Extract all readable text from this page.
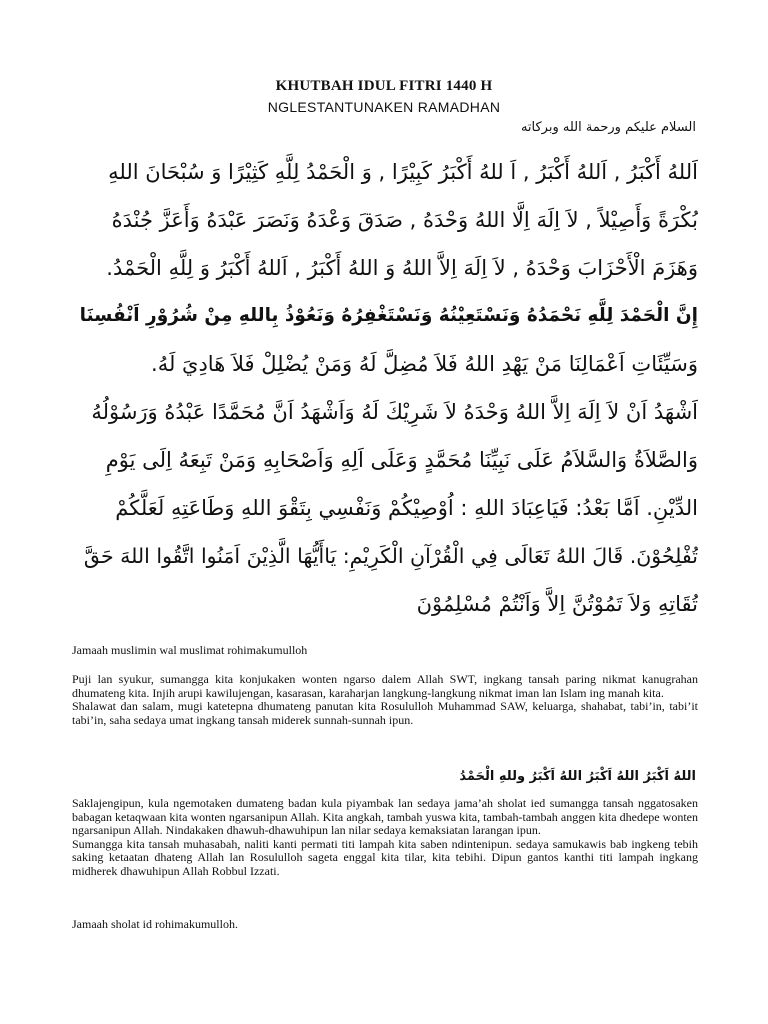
KHUTBAH IDUL FITRI 1440 H
NGLESTANTUNAKEN RAMADHAN
السلام عليكم ورحمة الله وبركاته
اَللهُ أَكْبَرُ , اَللهُ أَكْبَرُ , اَ للهُ أَكْبَرُ كَبِيْرًا , وَ الْحَمْدُ لِلَّهِ كَثِيْرًا وَ سُبْحَانَ اللهِ
بُكْرَةً وَأَصِيْلاً , لاَ اِلَهَ اِلَّا اللهُ وَحْدَهُ , صَدَقَ وَعْدَهُ وَنَصَرَ عَبْدَهُ وَأَعَزَّ جُنْدَهُ
وَهَزَمَ الْأَحْزَابَ وَحْدَهُ , لاَ اِلَهَ اِلاَّ اللهُ وَ اللهُ أَكْبَرُ , اَللهُ أَكْبَرُ وَ لِلَّهِ الْحَمْدُ.
إِنَّ الْحَمْدَ لِلَّهِ نَحْمَدُهُ وَنَسْتَعِيْنُهُ وَنَسْتَغْفِرُهُ وَنَعُوْذُ بِاللهِ مِنْ شُرُوْرِ اَنْفُسِنَا
وَسَيِّئَاتِ اَعْمَالِنَا مَنْ يَهْدِ اللهُ فَلاَ مُضِلَّ لَهُ وَمَنْ يُضْلِلْ فَلاَ هَادِيَ لَهُ.
اَشْهَدُ اَنْ لاَ اِلَهَ اِلاَّ اللهُ وَحْدَهُ لاَ شَرِيْكَ لَهُ وَاَشْهَدُ اَنَّ مُحَمَّدًا عَبْدُهُ وَرَسُوْلُهُ
وَالصَّلاَةُ وَالسَّلاَمُ عَلَى نَبِيِّنَا مُحَمَّدٍ وَعَلَى اَلِهِ وَاَصْحَابِهِ وَمَنْ تَبِعَهُ اِلَى يَوْمِ
الدِّيْنِ. اَمَّا بَعْدُ: فَيَاعِبَادَ اللهِ : اُوْصِيْكُمْ وَنَفْسِي بِتَقْوَ اللهِ وَطَاعَتِهِ لَعَلَّكُمْ
تُفْلِحُوْنَ. قَالَ اللهُ تَعَالَى فِي الْقُرْآنِ الْكَرِيْمِ: يَاأَيُّهَا الَّذِيْنَ اَمَنُوا اتَّقُوا اللهَ حَقَّ
تُقَاتِهِ وَلاَ تَمُوْتُنَّ اِلاَّ وَاَنْتُمْ مُسْلِمُوْنَ

Jamaah muslimin wal muslimat rohimakumulloh

Puji lan syukur, sumangga kita konjukaken wonten ngarso dalem Allah SWT, ingkang tansah paring nikmat kanugrahan dhumateng kita. Injih arupi kawilujengan, kasarasan, karaharjan langkung-langkung nikmat iman lan Islam ing manah kita.

Shalawat dan salam, mugi katetepna dhumateng panutan kita Rosululloh Muhammad SAW, keluarga, shahabat, tabi’in, tabi’it tabi’in, saha sedaya umat ingkang tansah miderek sunnah-sunnah ipun.

اللهُ اَكْبَرُ اللهُ اَكْبَرُ اللهُ اَكْبَرُ وللهِ الْحَمْدُ

Saklajengipun, kula ngemotaken dumateng badan kula piyambak lan sedaya jama’ah sholat ied sumangga tansah nggatosaken babagan ketaqwaan kita wonten ngarsanipun Allah. Kita angkah, tambah yuswa kita, tambah-tambah anggen kita dhedepe wonten ngarsanipun Allah. Nindakaken dhawuh-dhawuhipun lan nilar sedaya kemaksiatan larangan ipun.

Sumangga kita tansah muhasabah, naliti kanti permati titi lampah kita saben ndintenipun. sedaya samukawis bab ingkeng tebih saking ketaatan dhateng Allah lan Rosululloh sageta enggal kita tilar, kita tebihi. Dipun gantos kanthi titi lampah ingkang midherek dhawuhipun Allah Robbul Izzati.

Jamaah sholat id rohimakumulloh.
